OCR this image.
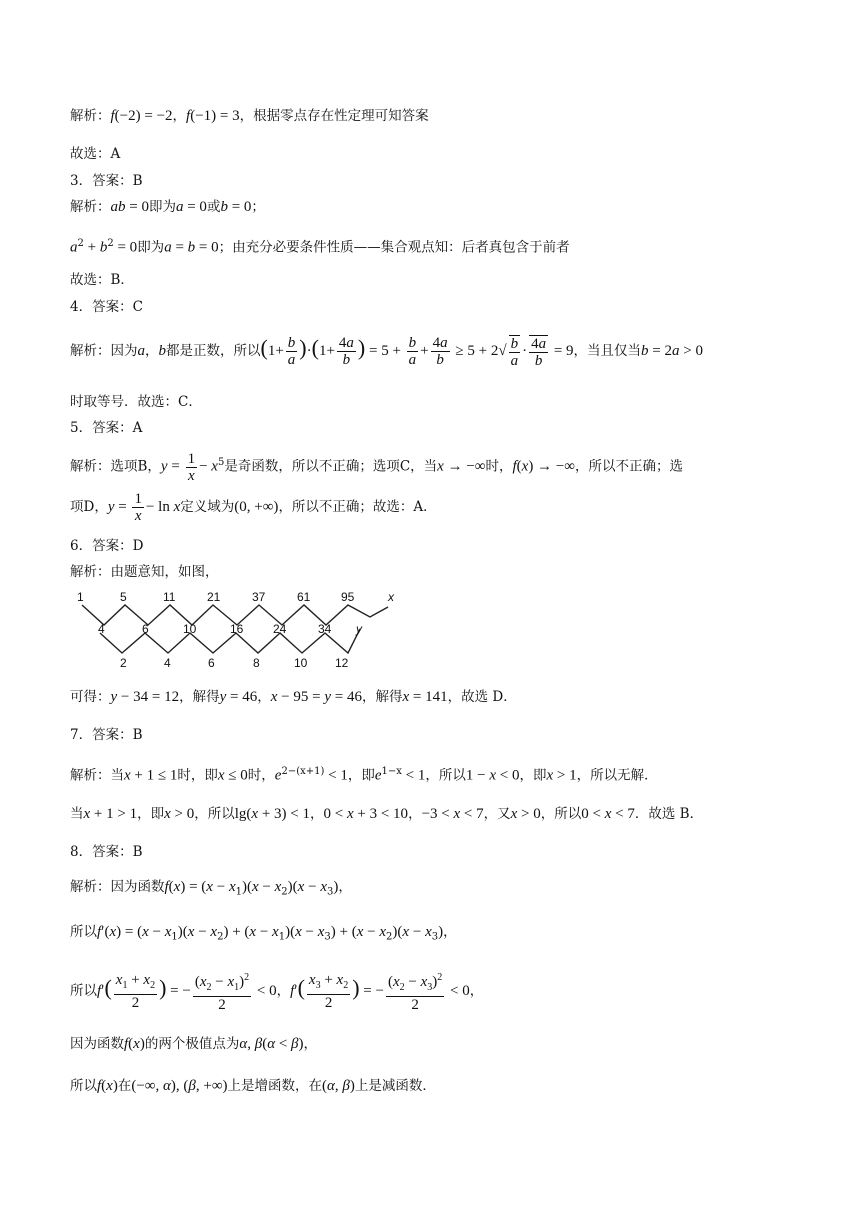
解析：f(−2) = −2，f(−1) = 3，根据零点存在性定理可知答案
故选：A
3．答案：B
解析：ab = 0即为a = 0或b = 0；
$a^2 + b^2 = 0$即为a = b = 0；由充分必要条件性质——集合观点知：后者真包含于前者
故选：B．
4．答案：C
解析：因为a，b都是正数，所以$(1+ \frac{b}{a} )\cdot(1+ \frac{4a}{b}$ ) = $5 + \frac{b}{a} + \frac{4a}{b} \ge 5 + 2√ \frac{b}{a} \cdot \frac{4a}{b} = 9$，当且仅当b = 2a > 0
时取等号．故选：C．
5．答案：A
解析：选项B，$y = \frac{1}{x} - x^5$是奇函数，所以不正确；选项C，当x → −∞时，f(x) → −∞，所以不正确；选
项D，$y = \frac{1}{x} - \ln x$定义域为(0, +∞)，所以不正确；故选：A．
6．答案：D
解析：由题意知，如图，
1	5	11	21	37	61	95	x
4	6	10	16 24	34 y
2	4	6	8	10 12
可得：y − 34 = 12，解得y = 46，x − 95 = y = 46，解得x = 141，故选 D．
7．答案：B
解析：当x + 1 ≤ 1时，即x ≤ 0时，$e^{2-(x+1)} < 1$，即$e^{1-x} < 1$，所以1 − x < 0，即x > 1，所以无解．
当x + 1 > 1，即x > 0，所以lg(x + 3) < 1，0 < x + 3 < 10，−3 < x < 7，又x > 0，所以0 < x < 7．故选 B．
8．答案：B
解析：因为函数$f(x) = (x - x_1)(x - x_2)(x - x_3)$，
所以$f'(x) = (x - x_1)(x - x_2) + (x - x_1)(x - x_3) + (x - x_2)(x - x_3)$，
所以$f'( \frac{x_1 + x_2}{2}$ ) = − $\frac{(x_2 - x_1)^2}{2} < 0$，$f'( \frac{x_3 + x_2}{2}$ ) = − $\frac{(x_2 - x_3)^2}{2} < 0$，
因为函数f(x)的两个极值点为α, β(α < β)，
所以f(x)在(−∞, α), (β, +∞)上是增函数，在(α, β)上是减函数．
